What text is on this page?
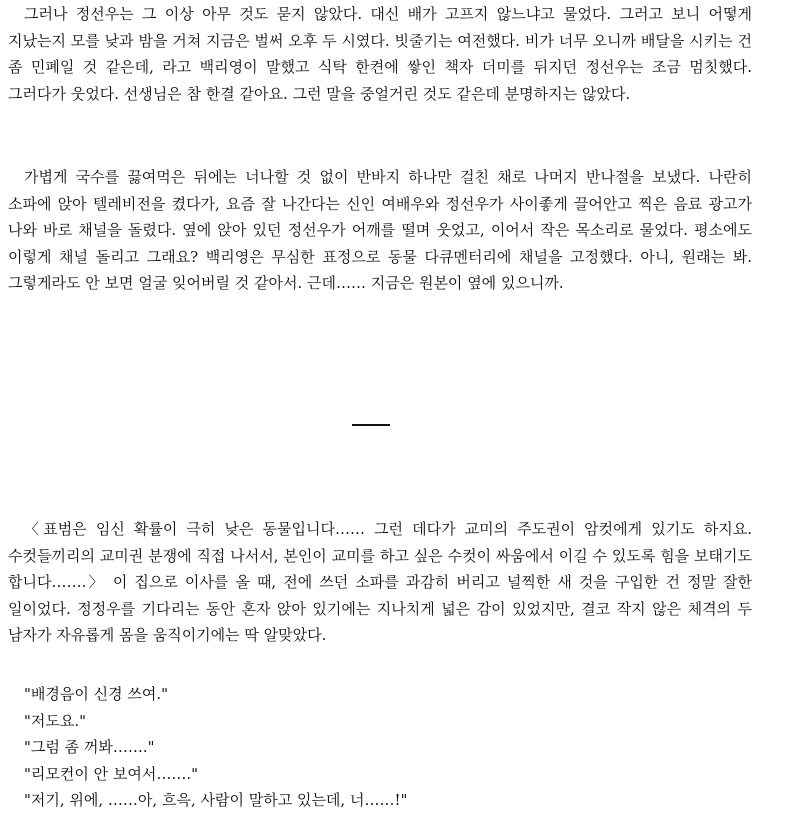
그러나 정선우는 그 이상 아무 것도 묻지 않았다. 대신 배가 고프지 않느냐고 물었다. 그러고 보니 어떻게 지났는지 모를 낮과 밤을 거쳐 지금은 벌써 오후 두 시였다. 빗줄기는 여전했다. 비가 너무 오니까 배달을 시키는 건 좀 민폐일 것 같은데, 라고 백리영이 말했고 식탁 한켠에 쌓인 책자 더미를 뒤지던 정선우는 조금 멈칫했다. 그러다가 웃었다. 선생님은 참 한결 같아요. 그런 말을 중얼거린 것도 같은데 분명하지는 않았다.

가볍게 국수를 끓여먹은 뒤에는 너나할 것 없이 반바지 하나만 걸친 채로 나머지 반나절을 보냈다. 나란히 소파에 앉아 텔레비전을 켰다가, 요즘 잘 나간다는 신인 여배우와 정선우가 사이좋게 끌어안고 찍은 음료 광고가 나와 바로 채널을 돌렸다. 옆에 앉아 있던 정선우가 어깨를 떨며 웃었고, 이어서 작은 목소리로 물었다. 평소에도 이렇게 채널 돌리고 그래요? 백리영은 무심한 표정으로 동물 다큐멘터리에 채널을 고정했다. 아니, 원래는 봐. 그렇게라도 안 보면 얼굴 잊어버릴 것 같아서. 근데…… 지금은 원본이 옆에 있으니까.

〈표범은 임신 확률이 극히 낮은 동물입니다…… 그런 데다가 교미의 주도권이 암컷에게 있기도 하지요. 수컷들끼리의 교미권 분쟁에 직접 나서서, 본인이 교미를 하고 싶은 수컷이 싸움에서 이길 수 있도록 힘을 보태기도 합니다…….〉 이 집으로 이사를 올 때, 전에 쓰던 소파를 과감히 버리고 널찍한 새 것을 구입한 건 정말 잘한 일이었다. 정정우를 기다리는 동안 혼자 앉아 있기에는 지나치게 넓은 감이 있었지만, 결코 작지 않은 체격의 두 남자가 자유롭게 몸을 움직이기에는 딱 알맞았다.

"배경음이 신경 쓰여."
"저도요."
"그럼 좀 꺼봐……."
"리모컨이 안 보여서……."
"저기, 위에, ……아, 흐윽, 사람이 말하고 있는데, 너……!"
